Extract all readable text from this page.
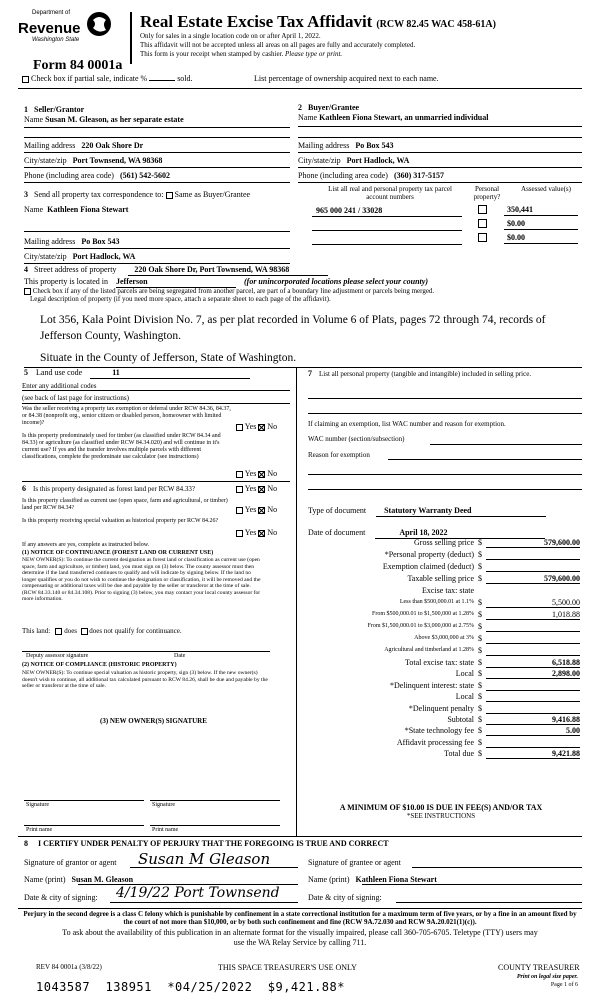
Department of
Revenue
Washington State
Real Estate Excise Tax Affidavit (RCW 82.45 WAC 458-61A)
Only for sales in a single location code on or after April 1, 2022.
This affidavit will not be accepted unless all areas on all pages are fully and accurately completed.
This form is your receipt when stamped by cashier. Please type or print.
Form 84 0001a
Check box if partial sale, indicate %	sold.	List percentage of ownership acquired next to each name.
1 Seller/Grantor
Name Susan M. Gleason, as her separate estate
2 Buyer/Grantee
Name Kathleen Fiona Stewart, an unmarried individual
Mailing address 220 Oak Shore Dr
City/state/zip Port Townsend, WA 98368
Phone (including area code) (561) 542-5602
Mailing address Po Box 543
City/state/zip Port Hadlock, WA
Phone (including area code) (360) 317-5157
3 Send all property tax correspondence to: Same as Buyer/Grantee
Name Kathleen Fiona Stewart
Mailing address Po Box 543
City/state/zip Port Hadlock, WA
List all real and personal property tax parcel account numbers
Personal property?
Assessed value(s)
965 000 241 / 33028	350,441
$0.00
$0.00
4 Street address of property 220 Oak Shore Dr, Port Townsend, WA 98368
This property is located in Jefferson	(for unincorporated locations please select your county)
Check box if any of the listed parcels are being segregated from another parcel, are part of a boundary line adjustment or parcels being merged.
Legal description of property (if you need more space, attach a separate sheet to each page of the affidavit).
Lot 356, Kala Point Division No. 7, as per plat recorded in Volume 6 of Plats, pages 72 through 74, records of Jefferson County, Washington.
Situate in the County of Jefferson, State of Washington.
5 Land use code	11
Enter any additional codes
(see back of last page for instructions)
Was the seller receiving a property tax exemption or deferral under RCW 84.36, 84.37, or 84.38 (nonprofit org., senior citizen or disabled person, homeowner with limited income)?	Yes No
Is this property predominately used for timber (as classified under RCW 84.34 and 84.33) or agriculture (as classified under RCW 84.34.020) and will continue in it's current use? If yes and the transfer involves multiple parcels with different classifications, complete the predominate use calculator (see instructions)
Yes No
6 Is this property designated as forest land per RCW 84.33?	Yes No
Is this property classified as current use (open space, farm and agricultural, or timber) land per RCW 84.34?	Yes No
Is this property receiving special valuation as historical property per RCW 84.26?
Yes No
If any answers are yes, complete as instructed below.
(1) NOTICE OF CONTINUANCE (FOREST LAND OR CURRENT USE)
NEW OWNER(S): To continue the current designation as forest land or classification as current use (open space, farm and agriculture, or timber) land, you must sign on (3) below. The county assessor must then determine if the land transferred continues to qualify and will indicate by signing below. If the land no longer qualifies or you do not wish to continue the designation or classification, it will be removed and the compensating or additional taxes will be due and payable by the seller or transferor at the time of sale. (RCW 84.33.140 or 84.34.108). Prior to signing (3) below, you may contact your local county assessor for more information.
This land: does does not qualify for continuance.
Deputy assessor signature	Date
(2) NOTICE OF COMPLIANCE (HISTORIC PROPERTY)
NEW OWNER(S): To continue special valuation as historic property, sign (3) below. If the new owner(s) doesn't wish to continue, all additional tax calculated pursuant to RCW 84.26, shall be due and payable by the seller or transferor at the time of sale.
(3) NEW OWNER(S) SIGNATURE
Signature	Signature
Print name	Print name
7 List all personal property (tangible and intangible) included in selling price.
If claiming an exemption, list WAC number and reason for exemption.
WAC number (section/subsection)
Reason for exemption
Type of document Statutory Warranty Deed
Date of document	April 18, 2022
Gross selling price $	579,600.00
*Personal property (deduct) $
Exemption claimed (deduct) $
Taxable selling price $	579,600.00
Excise tax: state
Less than $500,000.01 at 1.1% $	5,500.00
From $500,000.01 to $1,500,000 at 1.28% $	1,018.88
From $1,500,000.01 to $3,000,000 at 2.75% $
Above $3,000,000 at 3% $
Agricultural and timberland at 1.28% $
Total excise tax: state $	6,518.88
Local $	2,898.00
*Delinquent interest: state $
Local $
*Delinquent penalty $
Subtotal $	9,416.88
*State technology fee $	5.00
Affidavit processing fee $
Total due $	9,421.88
A MINIMUM OF $10.00 IS DUE IN FEE(S) AND/OR TAX
*SEE INSTRUCTIONS
8 I CERTIFY UNDER PENALTY OF PERJURY THAT THE FOREGOING IS TRUE AND CORRECT
Signature of grantor or agent Susan M Gleason	Signature of grantee or agent
Name (print) Susan M. Gleason	Name (print) Kathleen Fiona Stewart
Date & city of signing: 4/19/22 Port Townsend	Date & city of signing:
Perjury in the second degree is a class C felony which is punishable by confinement in a state correctional institution for a maximum term of five years, or by a fine in an amount fixed by the court of not more than $10,000, or by both such confinement and fine (RCW 9A.72.030 and RCW 9A.20.021(1)(c)).
To ask about the availability of this publication in an alternate format for the visually impaired, please call 360-705-6705. Teletype (TTY) users may use the WA Relay Service by calling 711.
REV 84 0001a (3/8/22)	THIS SPACE TREASURER'S USE ONLY	COUNTY TREASURER
Print on legal size paper.
Page 1 of 6
1043587  138951  *04/25/2022  $9,421.88*
